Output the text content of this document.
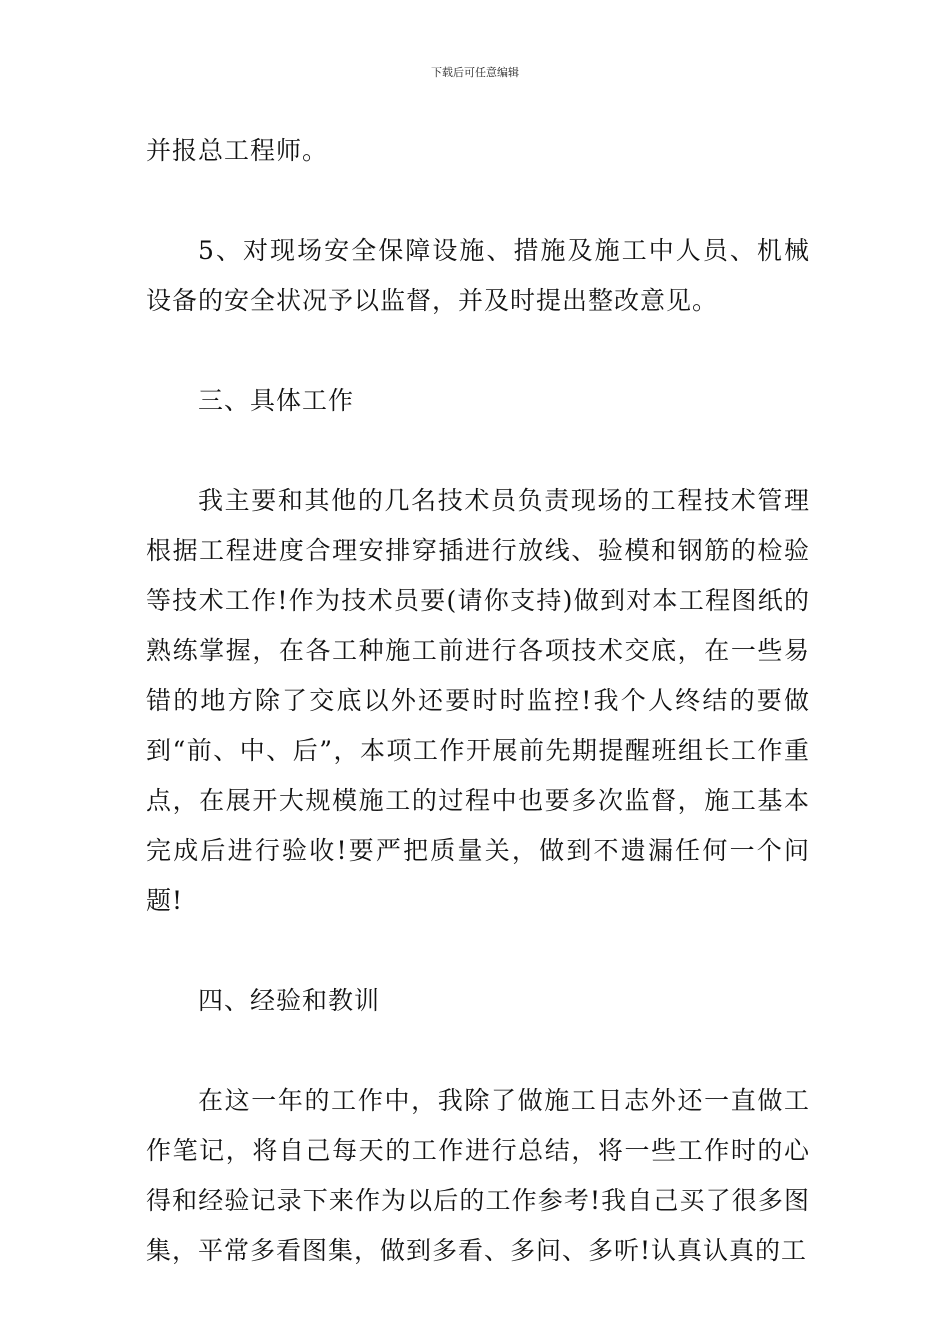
下载后可任意编辑

并报总工程师。

5、对现场安全保障设施、措施及施工中人员、机械设备的安全状况予以监督，并及时提出整改意见。

三、具体工作

我主要和其他的几名技术员负责现场的工程技术管理根据工程进度合理安排穿插进行放线、验模和钢筋的检验等技术工作!作为技术员要(请你支持)做到对本工程图纸的熟练掌握，在各工种施工前进行各项技术交底，在一些易错的地方除了交底以外还要时时监控!我个人终结的要做到“前、中、后”，本项工作开展前先期提醒班组长工作重点，在展开大规模施工的过程中也要多次监督，施工基本完成后进行验收!要严把质量关，做到不遗漏任何一个问题!

四、经验和教训

在这一年的工作中，我除了做施工日志外还一直做工作笔记，将自己每天的工作进行总结，将一些工作时的心得和经验记录下来作为以后的工作参考!我自己买了很多图集，平常多看图集，做到多看、多问、多听!认真认真的工
